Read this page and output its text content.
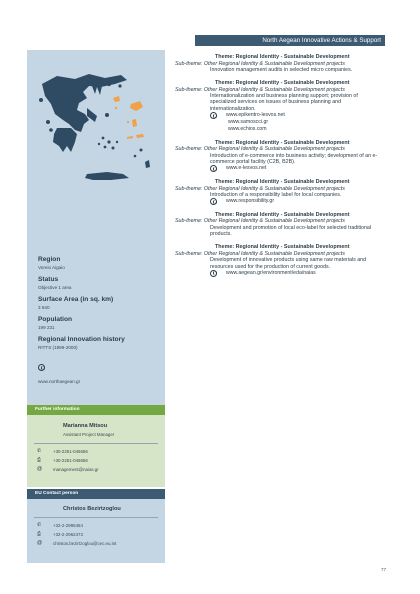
North Aegean Innovative Actions & Support
Region
Voreio Aigaio
Status
Objective 1 area
Surface Area (in sq. km)
3 840
Population
199 231
Regional Innovation history
RITTS (1999-2000)
www.northaegean.gr
Further information
Marianna Mitsou
Assistant Project Manager
✆	+30-2251-046656
⎙	+30-2251-046656
@	management@naias.gr
EU Contact person
Christos Bezirtzoglou
✆	+32-2-2996454
⎙	+32-2-2962473
@	christos.bezirtzoglou@cec.eu.int
Theme: Regional Identity - Sustainable Development
Sub-theme: Other Regional Identity & Sustainable Development projects
Innovation management audits in selected micro companies.
Theme: Regional Identity - Sustainable Development
Sub-theme: Other Regional Identity & Sustainable Development projects
Internationalization and business planning support; provision of specialized services on issues of business planning and internationalization.
www.epikentro-lesvos.net
www.samoscci.gr
www.echios.com
Theme: Regional Identity - Sustainable Development
Sub-theme: Other Regional Identity & Sustainable Development projects
Introduction of e-commerce into business activity; development of an e-commerce portal facility (C2B, B2B).
www.e-lesvos.net
Theme: Regional Identity - Sustainable Development
Sub-theme: Other Regional Identity & Sustainable Development projects
Introduction of a responsibility label for local companies.
www.responsibility.gr
Theme: Regional Identity - Sustainable Development
Sub-theme: Other Regional Identity & Sustainable Development projects
Development and promotion of local eco-label for selected traditional products.
Theme: Regional Identity - Sustainable Development
Sub-theme: Other Regional Identity & Sustainable Development projects
Development of innovative products using same raw materials and resources used for the production of current goods.
www.aegean.gr/environment/eda/naias
77
